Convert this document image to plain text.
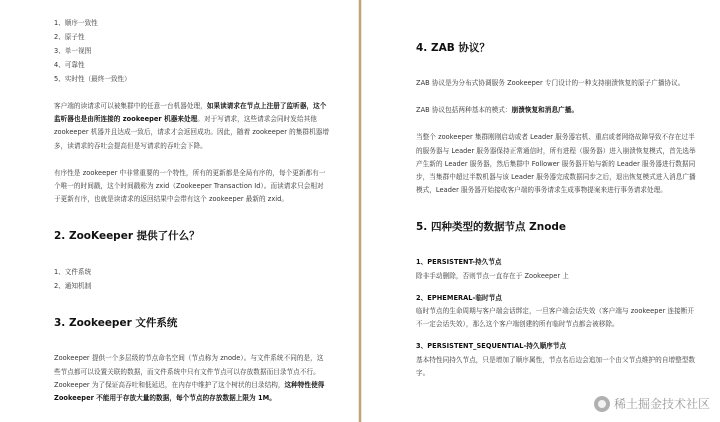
1、顺序一致性
2、原子性
3、单一视图
4、可靠性
5、实时性（最终一致性）

客户端的读请求可以被集群中的任意一台机器处理，如果读请求在节点上注册了监听器，这个监听器也是由所连接的 zookeeper 机器来处理。对于写请求，这些请求会同时发给其他 zookeeper 机器并且达成一致后，请求才会返回成功。因此，随着 zookeeper 的集群机器增多，读请求的吞吐会提高但是写请求的吞吐会下降。

有序性是 zookeeper 中非常重要的一个特性，所有的更新都是全局有序的，每个更新都有一个唯一的时间戳，这个时间戳称为 zxid（Zookeeper Transaction Id）。而读请求只会相对于更新有序，也就是读请求的返回结果中会带有这个 zookeeper 最新的 zxid。

2. ZooKeeper 提供了什么？
1、文件系统
2、通知机制
3. Zookeeper 文件系统

Zookeeper 提供一个多层级的节点命名空间（节点称为 znode）。与文件系统不同的是，这些节点都可以设置关联的数据，而文件系统中只有文件节点可以存放数据而目录节点不行。

Zookeeper 为了保证高吞吐和低延迟，在内存中维护了这个树状的目录结构，这种特性使得 Zookeeper 不能用于存放大量的数据，每个节点的存放数据上限为 1M。

4. ZAB 协议？

ZAB 协议是为分布式协调服务 Zookeeper 专门设计的一种支持崩溃恢复的原子广播协议。

ZAB 协议包括两种基本的模式：崩溃恢复和消息广播。

当整个 zookeeper 集群刚刚启动或者 Leader 服务器宕机、重启或者网络故障导致不存在过半的服务器与 Leader 服务器保持正常通信时，所有进程（服务器）进入崩溃恢复模式，首先选举产生新的 Leader 服务器，然后集群中 Follower 服务器开始与新的 Leader 服务器进行数据同步，当集群中超过半数机器与该 Leader 服务器完成数据同步之后，退出恢复模式进入消息广播模式，Leader 服务器开始接收客户端的事务请求生成事物提案来进行事务请求处理。

5. 四种类型的数据节点 Znode

1、PERSISTENT-持久节点

除非手动删除，否则节点一直存在于 Zookeeper 上

2、EPHEMERAL-临时节点

临时节点的生命周期与客户端会话绑定，一旦客户端会话失效（客户端与 zookeeper 连接断开不一定会话失效），那么这个客户端创建的所有临时节点都会被移除。

3、PERSISTENT_SEQUENTIAL-持久顺序节点

基本特性同持久节点，只是增加了顺序属性，节点名后边会追加一个由父节点维护的自增整型数字。

稀土掘金技术社区
